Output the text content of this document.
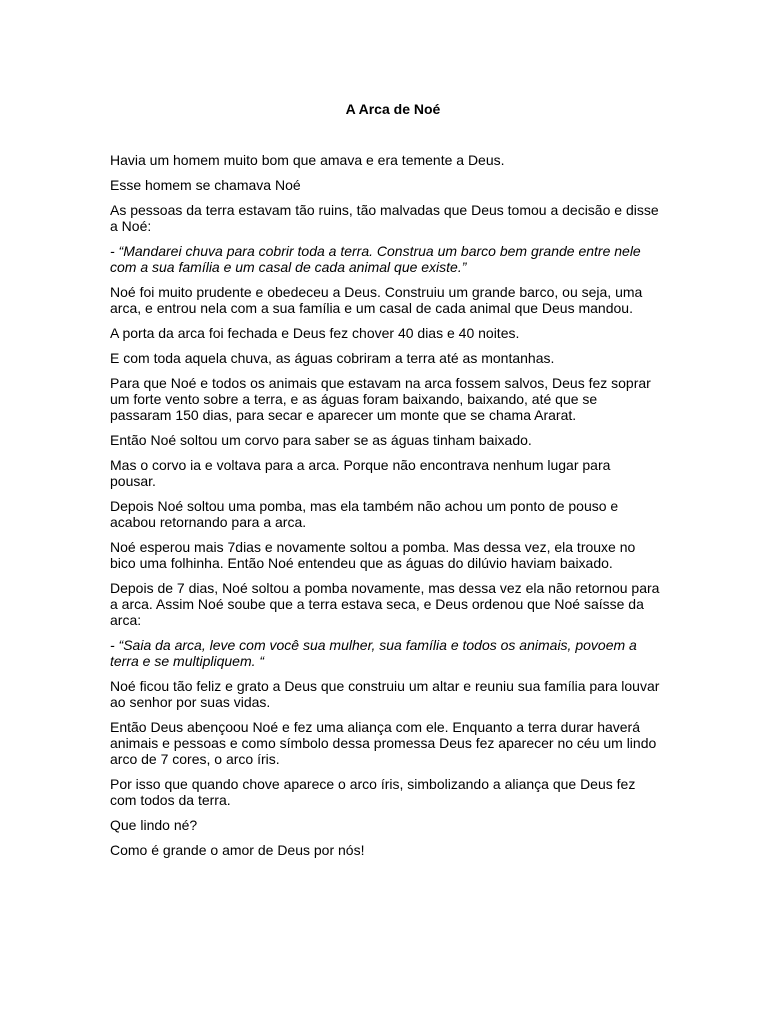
A Arca de Noé

Havia um homem muito bom que amava e era temente a Deus.

Esse homem se chamava Noé

As pessoas da terra estavam tão ruins, tão malvadas que Deus tomou a decisão e disse a Noé:

- “Mandarei chuva para cobrir toda a terra. Construa um barco bem grande entre nele com a sua família e um casal de cada animal que existe.”

Noé foi muito prudente e obedeceu a Deus. Construiu um grande barco, ou seja, uma arca, e entrou nela com a sua família e um casal de cada animal que Deus mandou.

A porta da arca foi fechada e Deus fez chover 40 dias e 40 noites.

E com toda aquela chuva, as águas cobriram a terra até as montanhas.

Para que Noé e todos os animais que estavam na arca fossem salvos, Deus fez soprar um forte vento sobre a terra, e as águas foram baixando, baixando, até que se passaram 150 dias, para secar e aparecer um monte que se chama Ararat.

Então Noé soltou um corvo para saber se as águas tinham baixado.

Mas o corvo ia e voltava para a arca. Porque não encontrava nenhum lugar para pousar.

Depois Noé soltou uma pomba, mas ela também não achou um ponto de pouso e acabou retornando para a arca.

Noé esperou mais 7dias e novamente soltou a pomba. Mas dessa vez, ela trouxe no bico uma folhinha. Então Noé entendeu que as águas do dilúvio haviam baixado.

Depois de 7 dias, Noé soltou a pomba novamente, mas dessa vez ela não retornou para a arca. Assim Noé soube que a terra estava seca, e Deus ordenou que Noé saísse da arca:

- “Saia da arca, leve com você sua mulher, sua família e todos os animais, povoem a terra e se multipliquem. “

Noé ficou tão feliz e grato a Deus que construiu um altar e reuniu sua família para louvar ao senhor por suas vidas.

Então Deus abençoou Noé e fez uma aliança com ele. Enquanto a terra durar haverá animais e pessoas e como símbolo dessa promessa Deus fez aparecer no céu um lindo arco de 7 cores, o arco íris.

Por isso que quando chove aparece o arco íris, simbolizando a aliança que Deus fez com todos da terra.

Que lindo né?

Como é grande o amor de Deus por nós!
